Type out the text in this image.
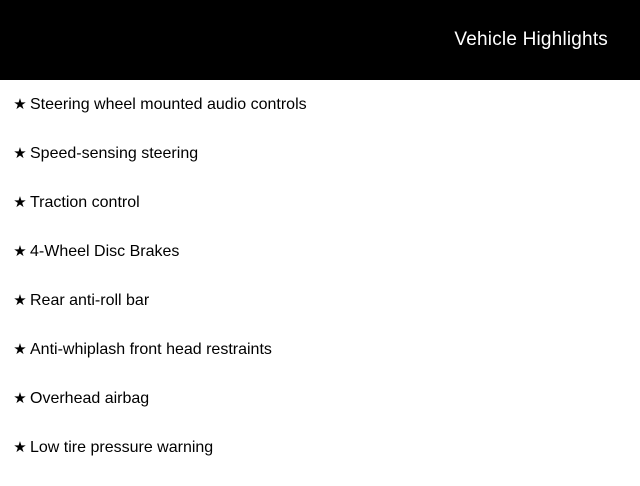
Vehicle Highlights
★ Steering wheel mounted audio controls
★ Speed-sensing steering
★ Traction control
★ 4-Wheel Disc Brakes
★ Rear anti-roll bar
★ Anti-whiplash front head restraints
★ Overhead airbag
★ Low tire pressure warning
